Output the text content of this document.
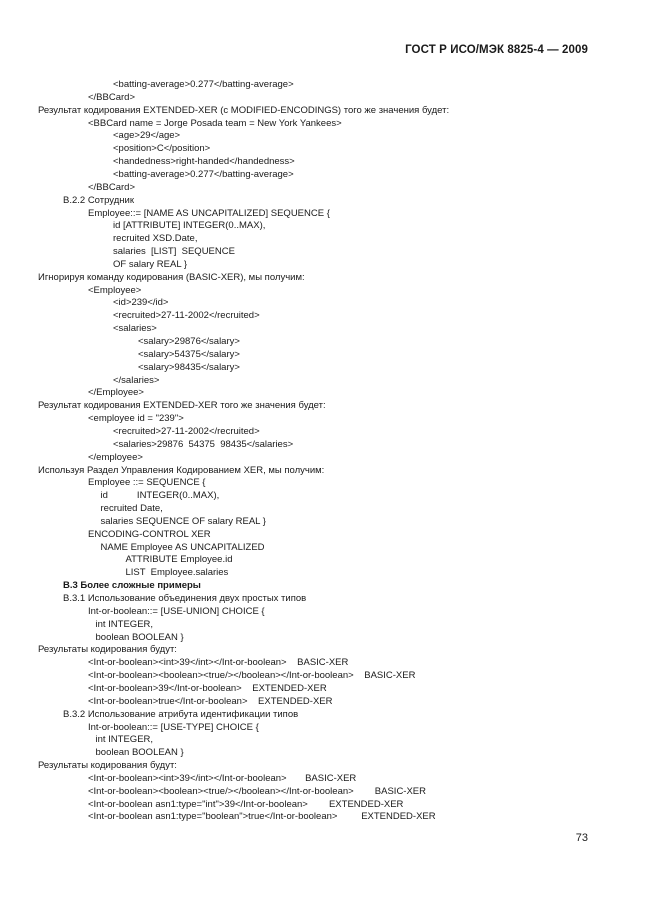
ГОСТ Р ИСО/МЭК 8825-4 — 2009
<batting-average>0.277</batting-average>
</BBCard>
Результат кодирования EXTENDED-XER (с MODIFIED-ENCODINGS) того же значения будет:
<BBCard name = Jorge Posada team = New York Yankees>
<age>29</age>
<position>C</position>
<handedness>right-handed</handedness>
<batting-average>0.277</batting-average>
</BBCard>
B.2.2 Сотрудник
Employee::= [NAME AS UNCAPITALIZED] SEQUENCE {
id [ATTRIBUTE] INTEGER(0..MAX),
recruited XSD.Date,
salaries  [LIST]  SEQUENCE
OF salary REAL }
Игнорируя команду кодирования (BASIC-XER), мы получим:
<Employee>
<id>239</id>
<recruited>27-11-2002</recruited>
<salaries>
<salary>29876</salary>
<salary>54375</salary>
<salary>98435</salary>
</salaries>
</Employee>
Результат кодирования EXTENDED-XER того же значения будет:
<employee id = "239">
<recruited>27-11-2002</recruited>
<salaries>29876  54375  98435</salaries>
</employee>
Используя Раздел Управления Кодированием XER, мы получим:
Employee ::= SEQUENCE {
id           INTEGER(0..MAX),
recruited Date,
salaries SEQUENCE OF salary REAL }
ENCODING-CONTROL XER
NAME Employee AS UNCAPITALIZED
ATTRIBUTE Employee.id
LIST  Employee.salaries
B.3 Более сложные примеры
B.3.1 Использование объединения двух простых типов
Int-or-boolean::= [USE-UNION] CHOICE {
int INTEGER,
boolean BOOLEAN }
Результаты кодирования будут:
<Int-or-boolean><int>39</int></Int-or-boolean>    BASIC-XER
<Int-or-boolean><boolean><true/></boolean></Int-or-boolean>    BASIC-XER
<Int-or-boolean>39</Int-or-boolean>    EXTENDED-XER
<Int-or-boolean>true</Int-or-boolean>    EXTENDED-XER
B.3.2 Использование атрибута идентификации типов
Int-or-boolean::= [USE-TYPE] CHOICE {
int INTEGER,
boolean BOOLEAN }
Результаты кодирования будут:
<Int-or-boolean><int>39</int></Int-or-boolean>       BASIC-XER
<Int-or-boolean><boolean><true/></boolean></Int-or-boolean>        BASIC-XER
<Int-or-boolean asn1:type="int">39</Int-or-boolean>        EXTENDED-XER
<Int-or-boolean asn1:type="boolean">true</Int-or-boolean>         EXTENDED-XER
73
